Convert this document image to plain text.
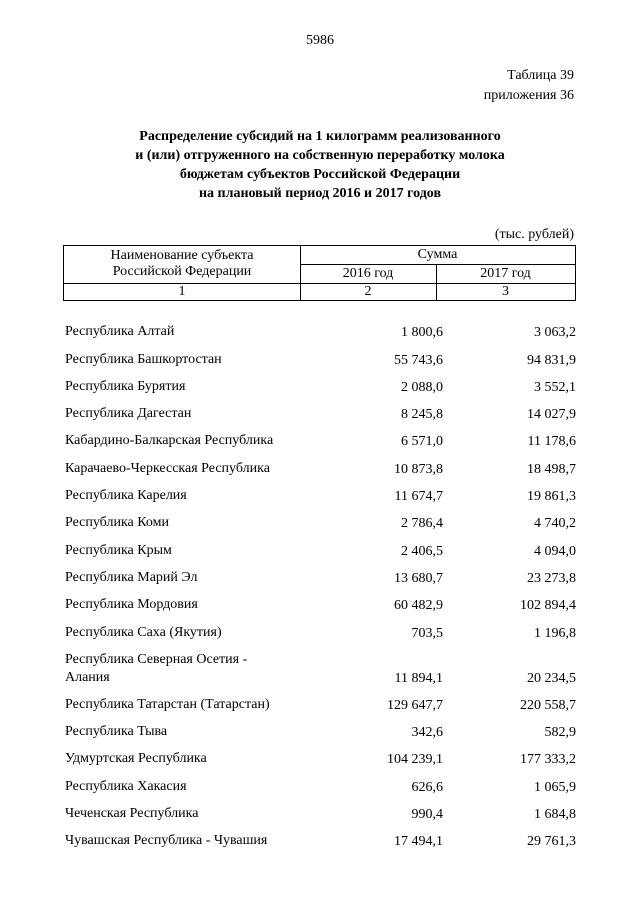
5986
Таблица 39
приложения 36
Распределение субсидий на 1 килограмм реализованного
и (или) отгруженного на собственную переработку молока
бюджетам субъектов Российской Федерации
на плановый период 2016 и 2017 годов
(тыс. рублей)
Наименование субъекта
Российской Федерации
Сумма
2016 год	2017 год
1	2	3
Республика Алтай	1 800,6	3 063,2
Республика Башкортостан	55 743,6	94 831,9
Республика Бурятия	2 088,0	3 552,1
Республика Дагестан	8 245,8	14 027,9
Кабардино-Балкарская Республика	6 571,0	11 178,6
Карачаево-Черкесская Республика	10 873,8	18 498,7
Республика Карелия	11 674,7	19 861,3
Республика Коми	2 786,4	4 740,2
Республика Крым	2 406,5	4 094,0
Республика Марий Эл	13 680,7	23 273,8
Республика Мордовия	60 482,9	102 894,4
Республика Саха (Якутия)	703,5	1 196,8
Республика Северная Осетия -
Алания	11 894,1	20 234,5
Республика Татарстан (Татарстан)	129 647,7	220 558,7
Республика Тыва	342,6	582,9
Удмуртская Республика	104 239,1	177 333,2
Республика Хакасия	626,6	1 065,9
Чеченская Республика	990,4	1 684,8
Чувашская Республика - Чувашия	17 494,1	29 761,3
